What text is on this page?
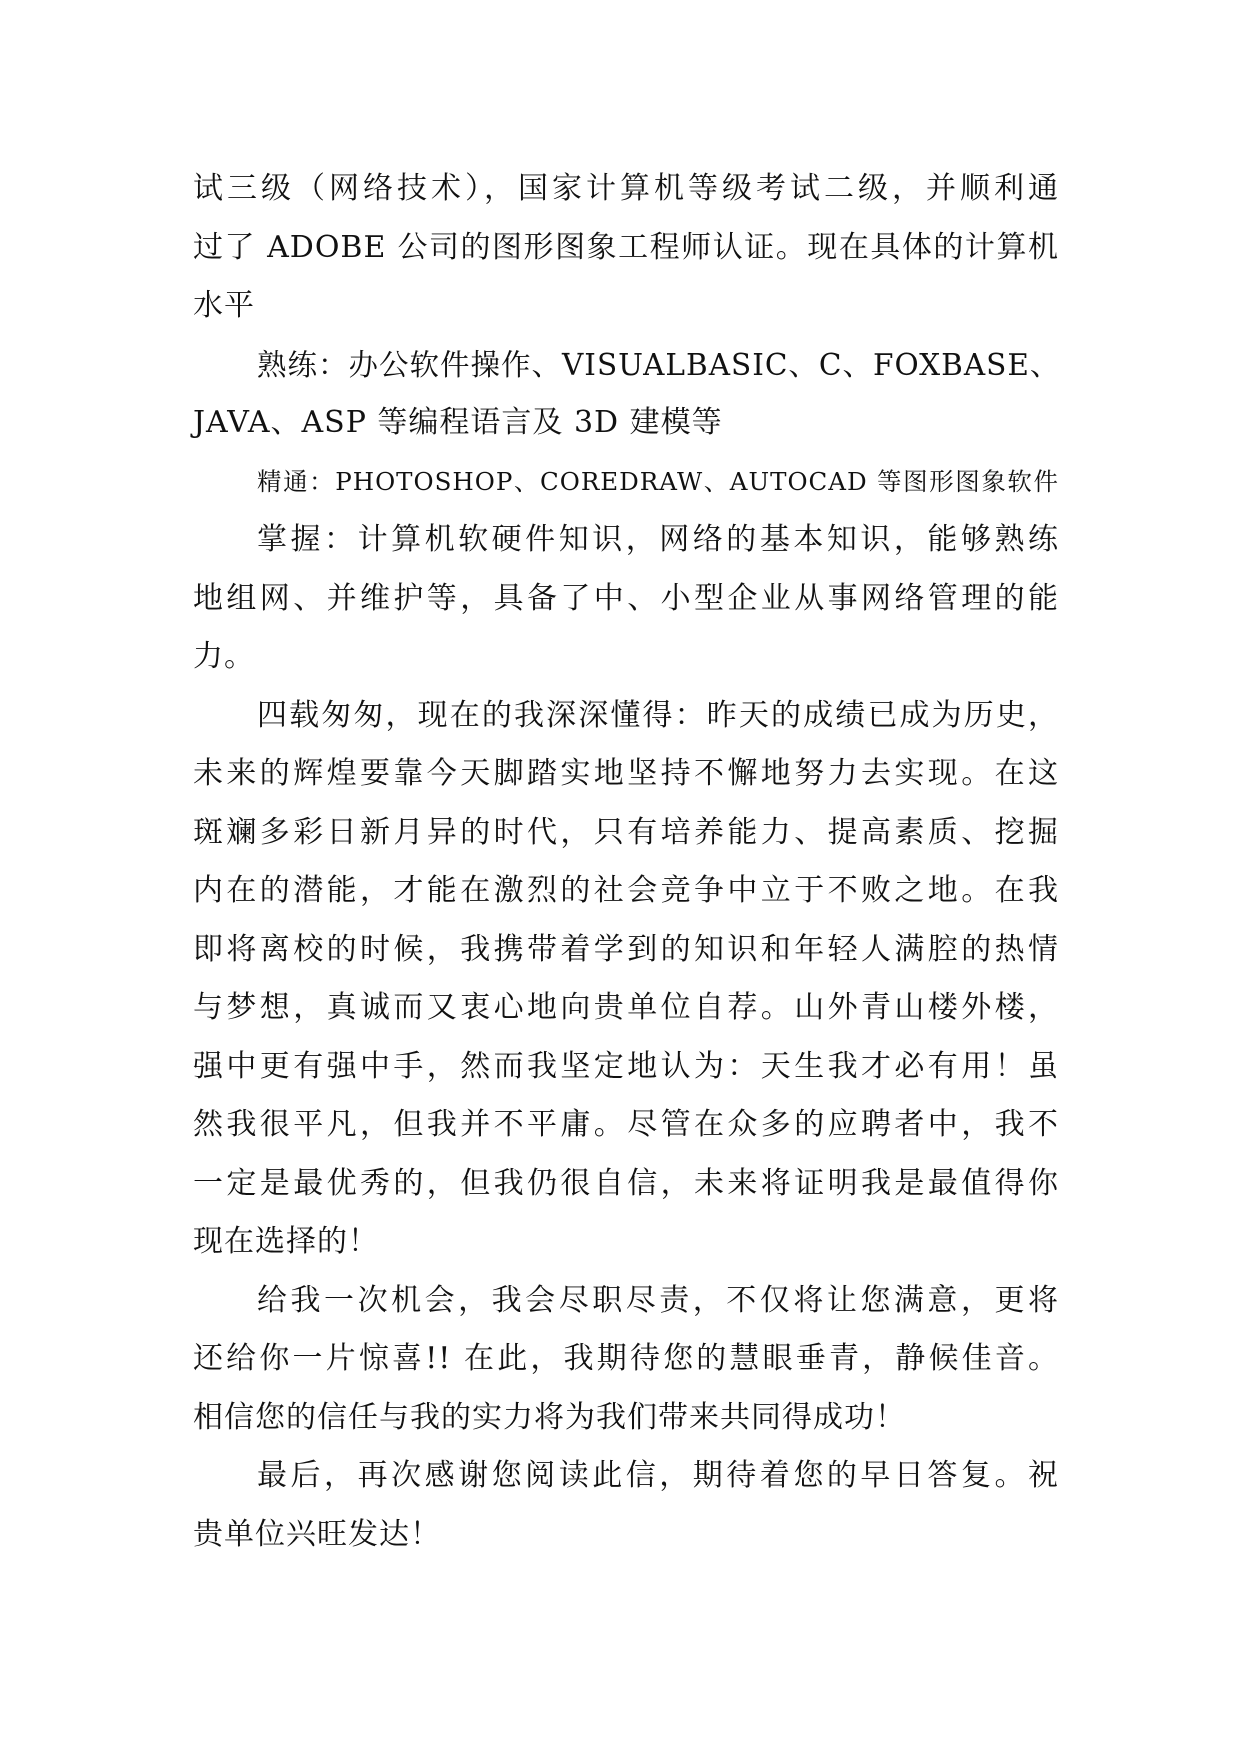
试三级（网络技术），国家计算机等级考试二级，并顺利通
过了 ADOBE 公司的图形图象工程师认证。现在具体的计算机
水平
熟练：办公软件操作、VISUALBASIC、C、FOXBASE、
JAVA、ASP 等编程语言及 3D 建模等
精通：PHOTOSHOP、COREDRAW、AUTOCAD 等图形图象软件
掌握：计算机软硬件知识，网络的基本知识，能够熟练
地组网、并维护等，具备了中、小型企业从事网络管理的能
力。
四载匆匆，现在的我深深懂得：昨天的成绩已成为历史，
未来的辉煌要靠今天脚踏实地坚持不懈地努力去实现。在这
斑斓多彩日新月异的时代，只有培养能力、提高素质、挖掘
内在的潜能，才能在激烈的社会竞争中立于不败之地。在我
即将离校的时候，我携带着学到的知识和年轻人满腔的热情
与梦想，真诚而又衷心地向贵单位自荐。山外青山楼外楼，
强中更有强中手，然而我坚定地认为：天生我才必有用！虽
然我很平凡，但我并不平庸。尽管在众多的应聘者中，我不
一定是最优秀的，但我仍很自信，未来将证明我是最值得你
现在选择的！
给我一次机会，我会尽职尽责，不仅将让您满意，更将
还给你一片惊喜!! 在此，我期待您的慧眼垂青，静候佳音。
相信您的信任与我的实力将为我们带来共同得成功！
最后，再次感谢您阅读此信，期待着您的早日答复。祝
贵单位兴旺发达！
